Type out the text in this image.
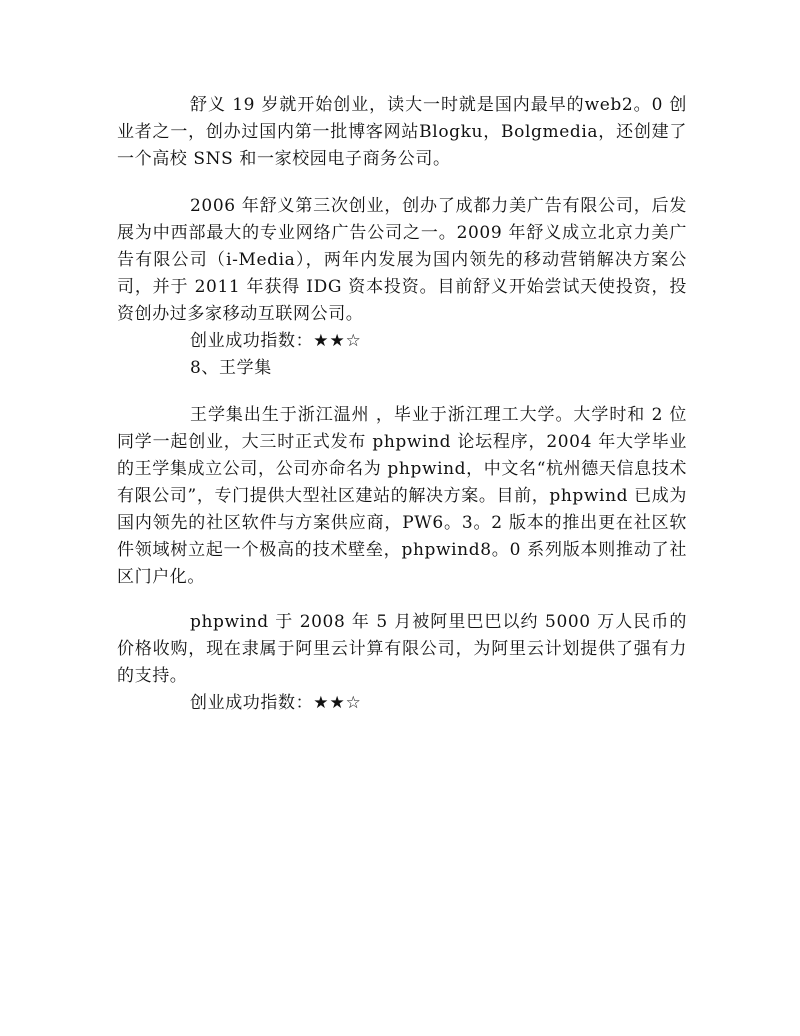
舒义 19 岁就开始创业，读大一时就是国内最早的web2。0 创业者之一，创办过国内第一批博客网站Blogku，Bolgmedia，还创建了一个高校 SNS 和一家校园电子商务公司。

2006 年舒义第三次创业，创办了成都力美广告有限公司，后发展为中西部最大的专业网络广告公司之一。2009 年舒义成立北京力美广告有限公司（i-Media），两年内发展为国内领先的移动营销解决方案公司，并于 2011 年获得 IDG 资本投资。目前舒义开始尝试天使投资，投资创办过多家移动互联网公司。

创业成功指数：★★☆

8、王学集

王学集出生于浙江温州 ，毕业于浙江理工大学。大学时和 2 位同学一起创业，大三时正式发布 phpwind 论坛程序，2004 年大学毕业的王学集成立公司，公司亦命名为 phpwind，中文名“杭州德天信息技术有限公司”，专门提供大型社区建站的解决方案。目前，phpwind 已成为国内领先的社区软件与方案供应商，PW6。3。2 版本的推出更在社区软件领域树立起一个极高的技术壁垒，phpwind8。0 系列版本则推动了社区门户化。

phpwind 于 2008 年 5 月被阿里巴巴以约 5000 万人民币的价格收购，现在隶属于阿里云计算有限公司，为阿里云计划提供了强有力的支持。

创业成功指数：★★☆
